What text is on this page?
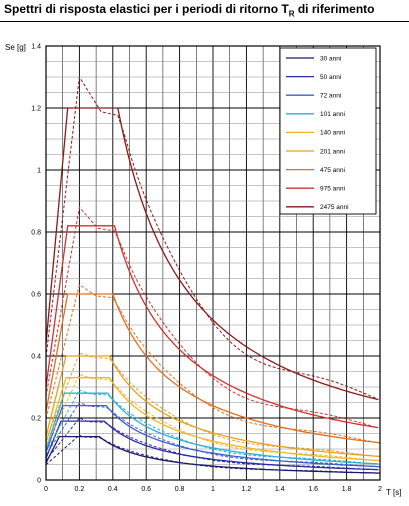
Spettri di risposta elastici per i periodi di ritorno $T_R$ di riferimento
0	0.2	0.4	0.6	0.8	1	1.2	1.4	1.6	1.8	2
0
0.2
0.4
0.6
0.8
1
1.2
1.4
30 anni
50 anni
72 anni
101 anni
140 anni
201 anni
475 anni
975 anni
2475 anni
Se [g]
T [s]
